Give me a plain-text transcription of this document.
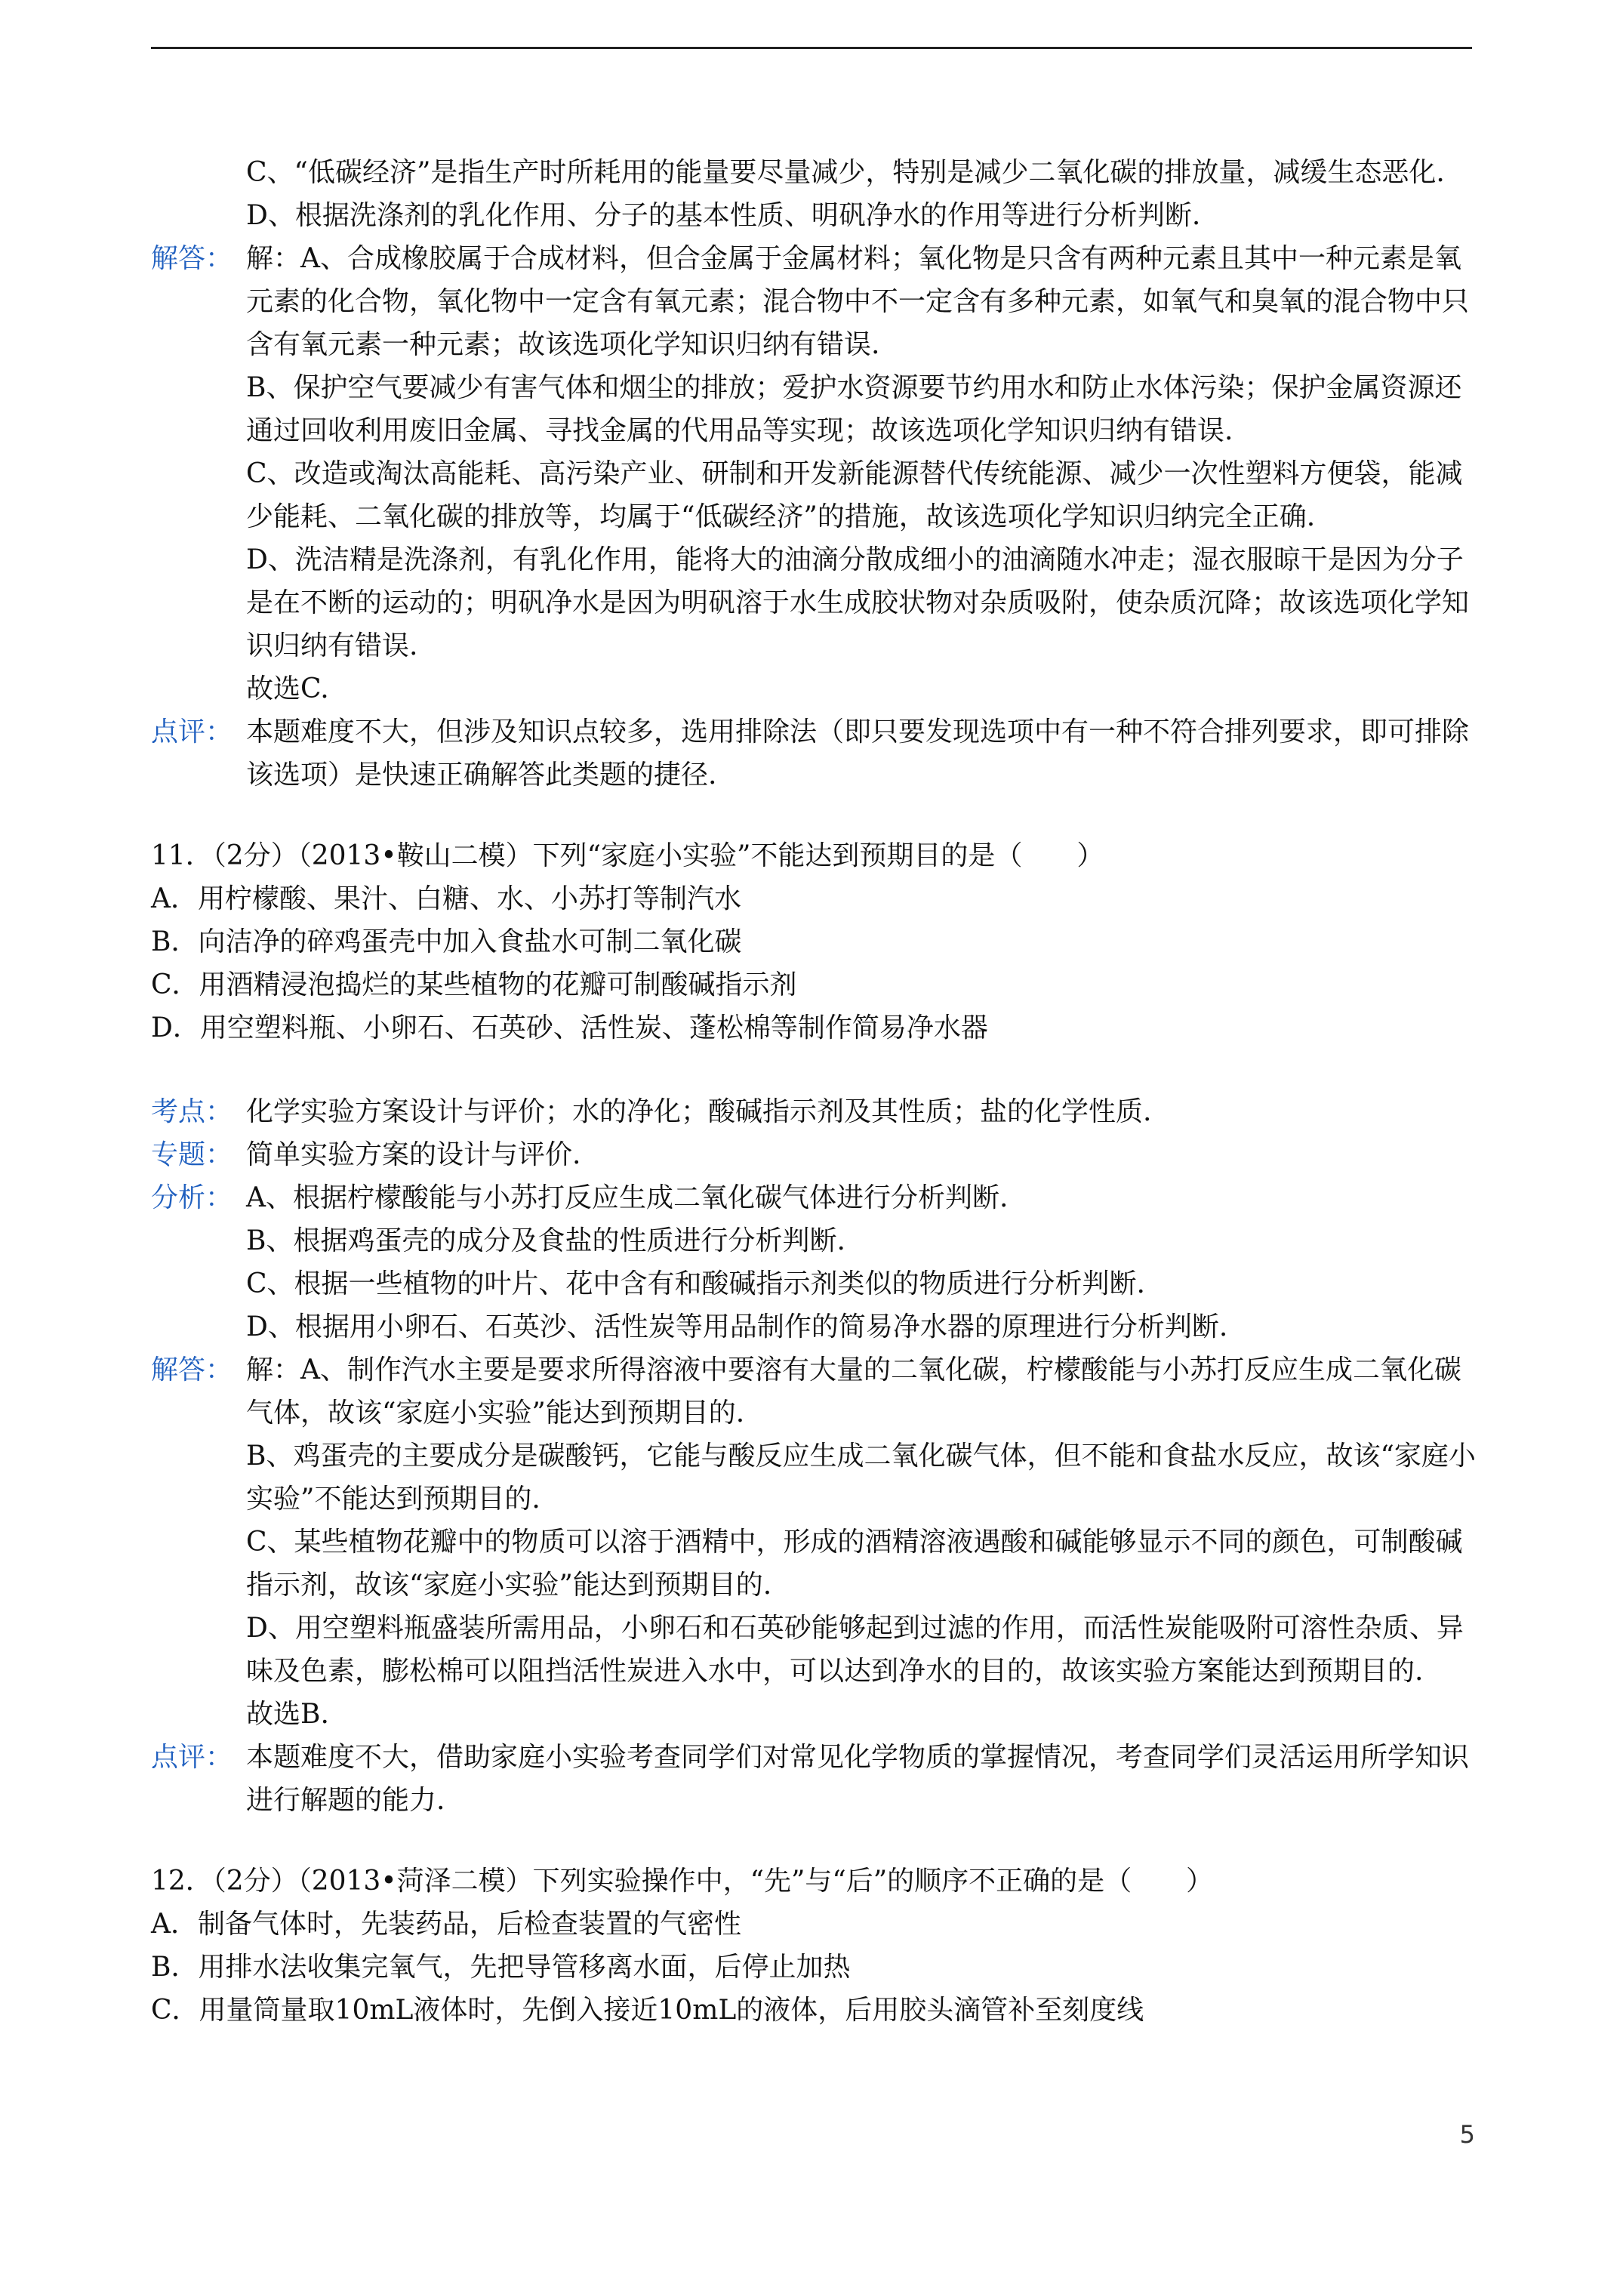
C、“低碳经济”是指生产时所耗用的能量要尽量减少，特别是减少二氧化碳的排放量，减缓生态恶化.

D、根据洗涤剂的乳化作用、分子的基本性质、明矾净水的作用等进行分析判断.

解答： 解：A、合成橡胶属于合成材料，但合金属于金属材料；氧化物是只含有两种元素且其中一种元素是氧元素的化合物，氧化物中一定含有氧元素；混合物中不一定含有多种元素，如氧气和臭氧的混合物中只含有氧元素一种元素；故该选项化学知识归纳有错误.

B、保护空气要减少有害气体和烟尘的排放；爱护水资源要节约用水和防止水体污染；保护金属资源还通过回收利用废旧金属、寻找金属的代用品等实现；故该选项化学知识归纳有错误.

C、改造或淘汰高能耗、高污染产业、研制和开发新能源替代传统能源、减少一次性塑料方便袋，能减少能耗、二氧化碳的排放等，均属于“低碳经济”的措施，故该选项化学知识归纳完全正确.

D、洗洁精是洗涤剂，有乳化作用，能将大的油滴分散成细小的油滴随水冲走；湿衣服晾干是因为分子是在不断的运动的；明矾净水是因为明矾溶于水生成胶状物对杂质吸附，使杂质沉降；故该选项化学知识归纳有错误.

故选C.

点评： 本题难度不大，但涉及知识点较多，选用排除法（即只要发现选项中有一种不符合排列要求，即可排除该选项）是快速正确解答此类题的捷径.

11．（2分）（2013•鞍山二模）下列“家庭小实验”不能达到预期目的是（　　）

A．用柠檬酸、果汁、白糖、水、小苏打等制汽水

B．向洁净的碎鸡蛋壳中加入食盐水可制二氧化碳

C．用酒精浸泡捣烂的某些植物的花瓣可制酸碱指示剂

D．用空塑料瓶、小卵石、石英砂、活性炭、蓬松棉等制作简易净水器

考点： 化学实验方案设计与评价；水的净化；酸碱指示剂及其性质；盐的化学性质.

专题： 简单实验方案的设计与评价.

分析： A、根据柠檬酸能与小苏打反应生成二氧化碳气体进行分析判断.

B、根据鸡蛋壳的成分及食盐的性质进行分析判断.

C、根据一些植物的叶片、花中含有和酸碱指示剂类似的物质进行分析判断.

D、根据用小卵石、石英沙、活性炭等用品制作的简易净水器的原理进行分析判断.

解答： 解：A、制作汽水主要是要求所得溶液中要溶有大量的二氧化碳，柠檬酸能与小苏打反应生成二氧化碳气体，故该“家庭小实验”能达到预期目的.

B、鸡蛋壳的主要成分是碳酸钙，它能与酸反应生成二氧化碳气体，但不能和食盐水反应，故该“家庭小实验”不能达到预期目的.

C、某些植物花瓣中的物质可以溶于酒精中，形成的酒精溶液遇酸和碱能够显示不同的颜色，可制酸碱指示剂，故该“家庭小实验”能达到预期目的.

D、用空塑料瓶盛装所需用品，小卵石和石英砂能够起到过滤的作用，而活性炭能吸附可溶性杂质、异味及色素，膨松棉可以阻挡活性炭进入水中，可以达到净水的目的，故该实验方案能达到预期目的.

故选B.

点评： 本题难度不大，借助家庭小实验考查同学们对常见化学物质的掌握情况，考查同学们灵活运用所学知识进行解题的能力.

12．（2分）（2013•菏泽二模）下列实验操作中，“先”与“后”的顺序不正确的是（　　）

A．制备气体时，先装药品，后检查装置的气密性

B．用排水法收集完氧气，先把导管移离水面，后停止加热

C．用量筒量取10mL液体时，先倒入接近10mL的液体，后用胶头滴管补至刻度线

5
